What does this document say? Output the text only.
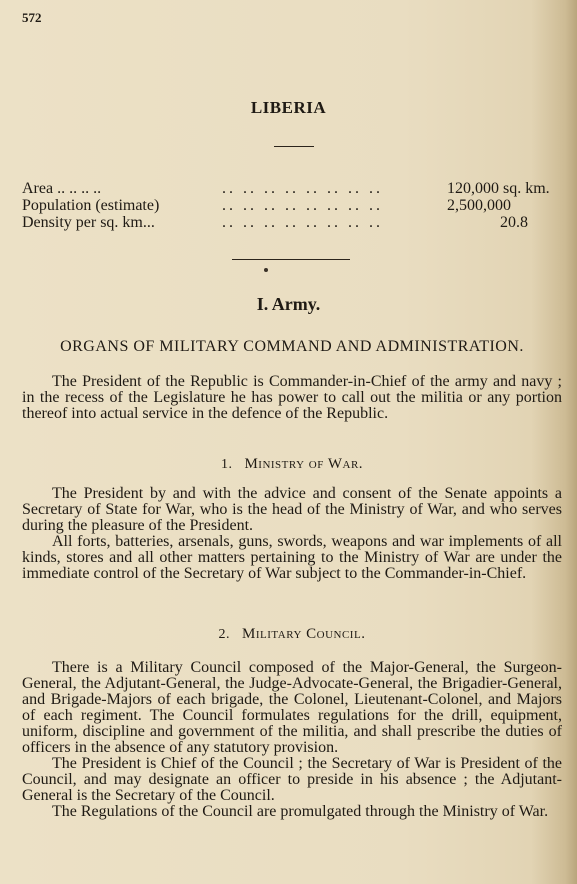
572
LIBERIA
Area .. .. .. ..	.. .. .. .. .. .. .. ..	120,000 sq. km.
Population (estimate)	.. .. .. .. .. .. .. ..	2,500,000
Density per sq. km...	.. .. .. .. .. .. .. ..	20.8
I. Army.
ORGANS OF MILITARY COMMAND AND ADMINISTRATION.

The President of the Republic is Commander-in-Chief of the army and navy ; in the recess of the Legislature he has power to call out the militia or any portion thereof into actual service in the defence of the Republic.

1. Ministry of War.

The President by and with the advice and consent of the Senate appoints a Secretary of State for War, who is the head of the Ministry of War, and who serves during the pleasure of the President.

All forts, batteries, arsenals, guns, swords, weapons and war implements of all kinds, stores and all other matters pertaining to the Ministry of War are under the immediate control of the Secretary of War subject to the Commander-in-Chief.

2. Military Council.

There is a Military Council composed of the Major-General, the Surgeon-General, the Adjutant-General, the Judge-Advocate-General, the Brigadier-General, and Brigade-Majors of each brigade, the Colonel, Lieutenant-Colonel, and Majors of each regiment. The Council formulates regulations for the drill, equipment, uniform, discipline and government of the militia, and shall prescribe the duties of officers in the absence of any statutory provision.

The President is Chief of the Council ; the Secretary of War is President of the Council, and may designate an officer to preside in his absence ; the Adjutant-General is the Secretary of the Council.

The Regulations of the Council are promulgated through the Ministry of War.
